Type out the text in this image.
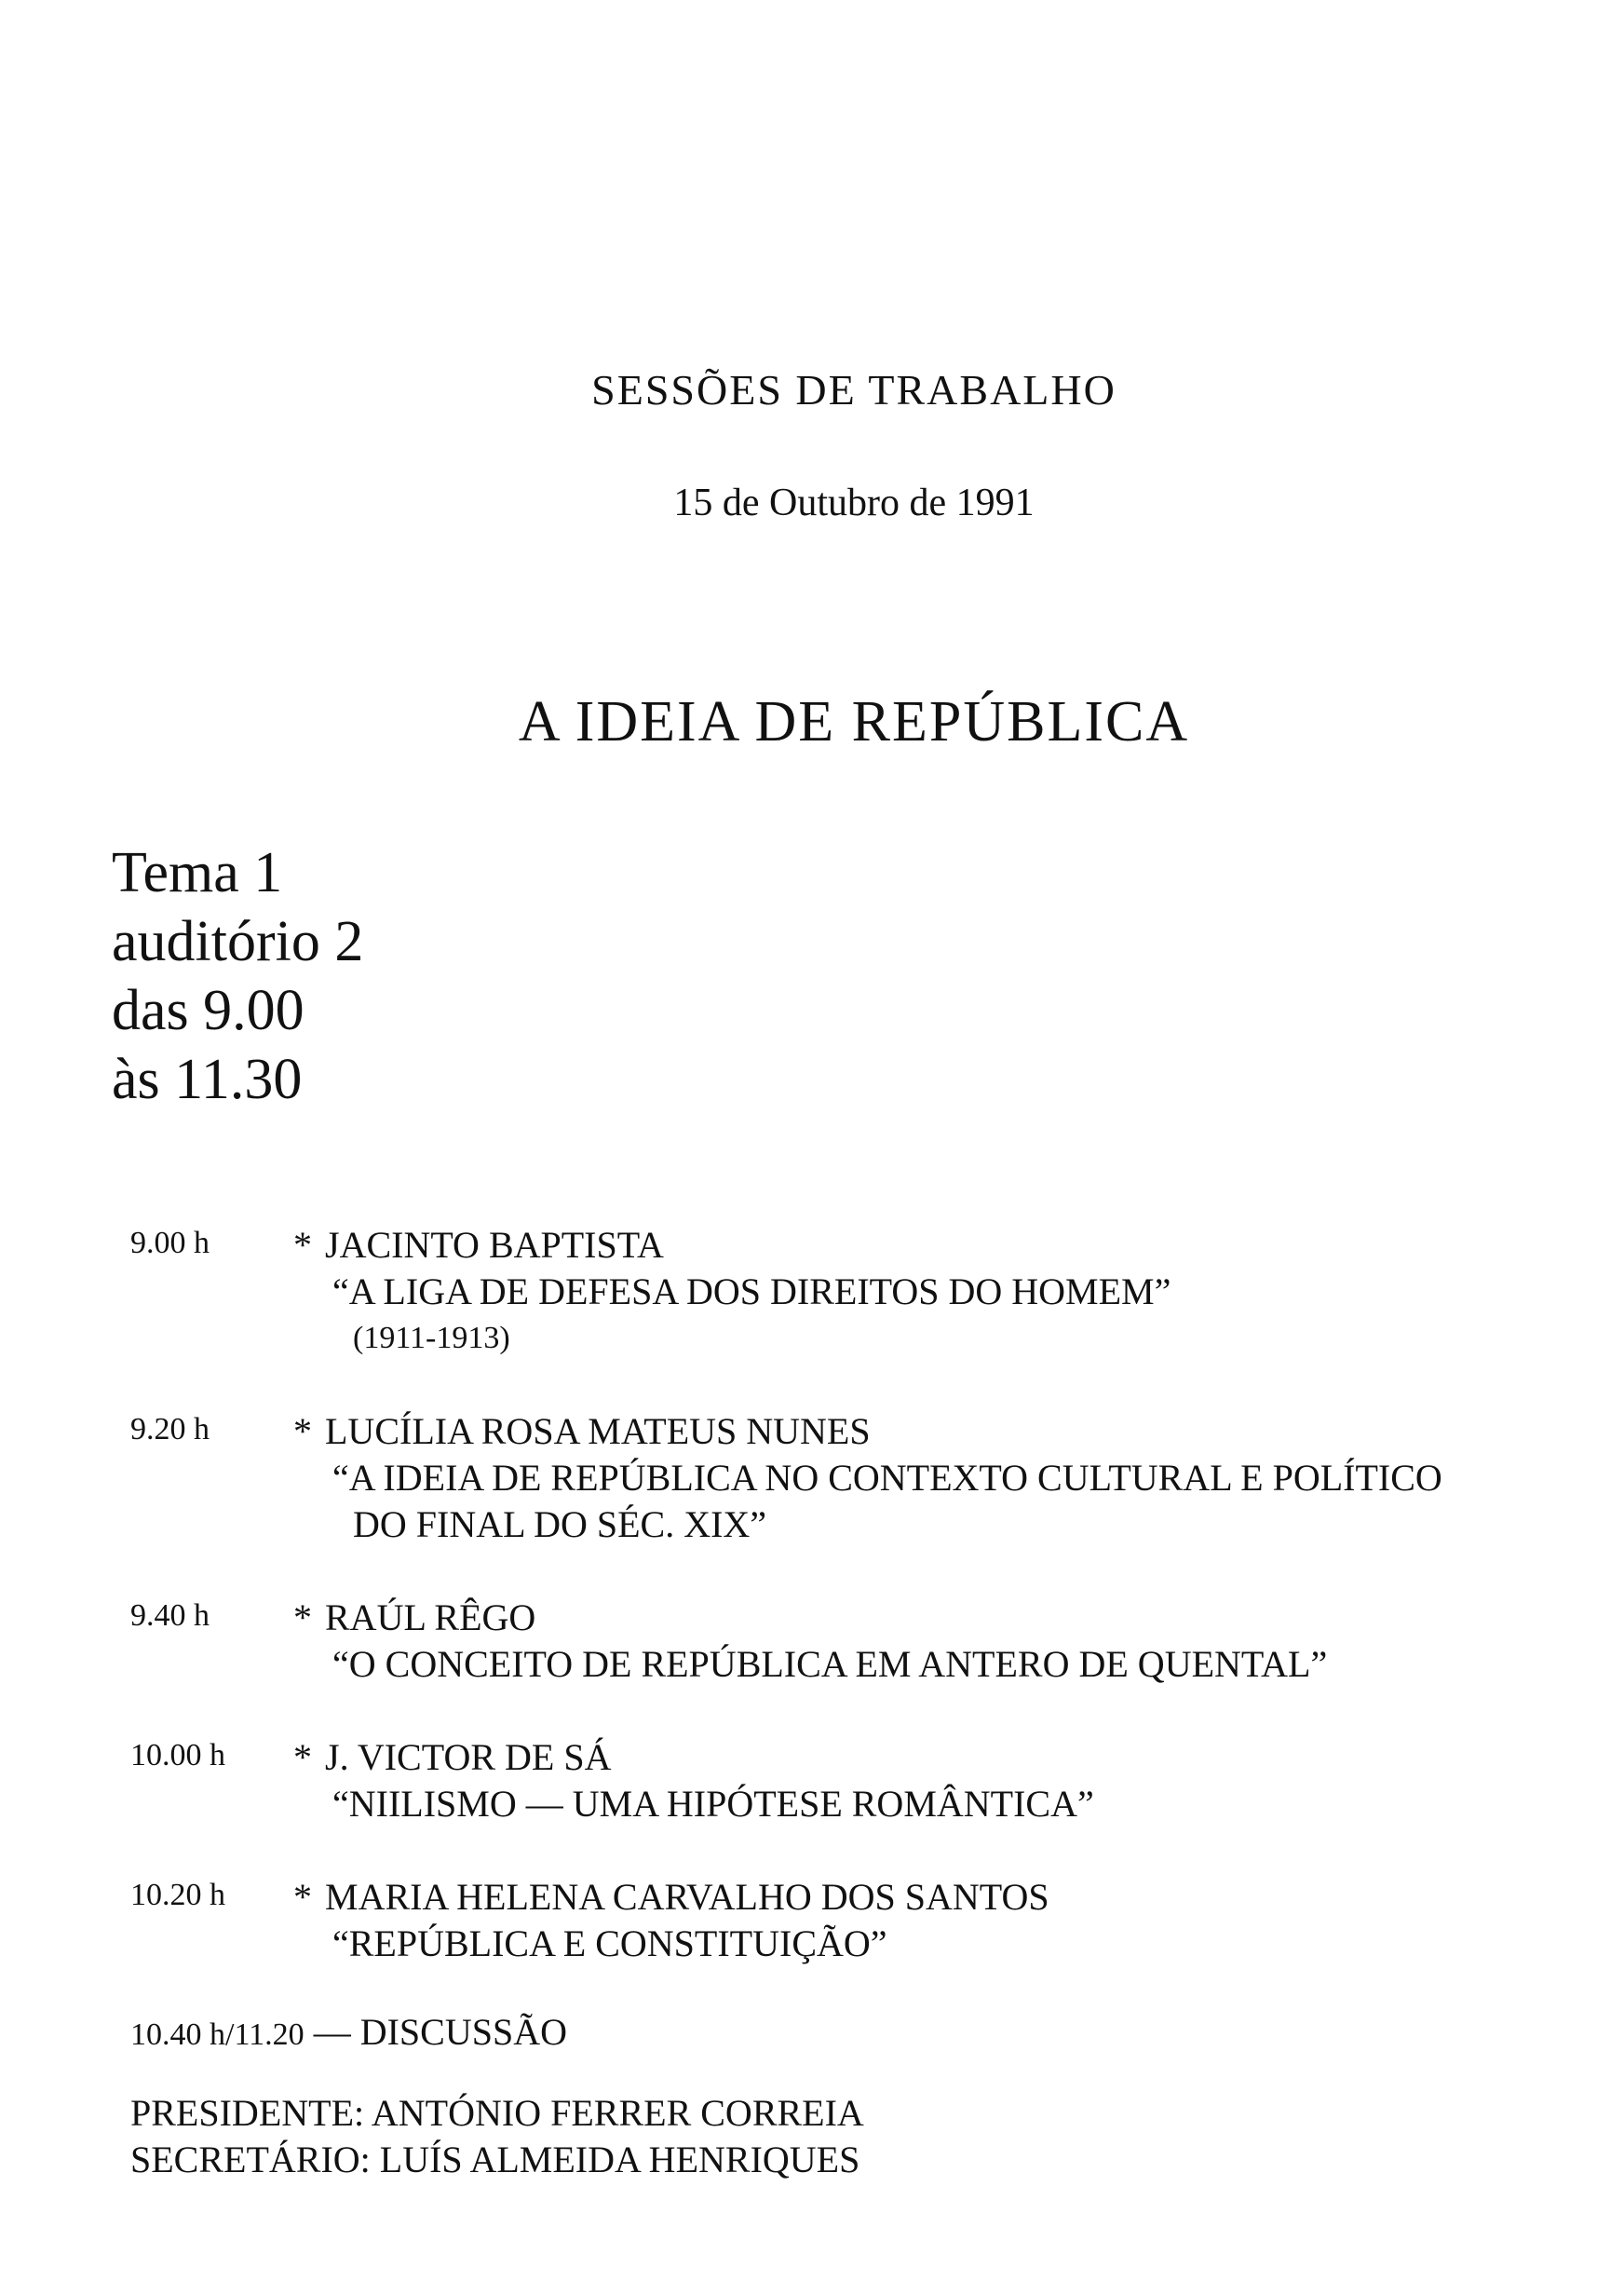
SESSÕES DE TRABALHO
15 de Outubro de 1991
A IDEIA DE REPÚBLICA
Tema 1
auditório 2
das 9.00
às 11.30
9.00 h	* JACINTO BAPTISTA
“A LIGA DE DEFESA DOS DIREITOS DO HOMEM”
(1911-1913)
9.20 h	* LUCÍLIA ROSA MATEUS NUNES
“A IDEIA DE REPÚBLICA NO CONTEXTO CULTURAL E POLÍTICO
DO FINAL DO SÉC. XIX”
9.40 h	* RAÚL RÊGO
“O CONCEITO DE REPÚBLICA EM ANTERO DE QUENTAL”
10.00 h	* J. VICTOR DE SÁ
“NIILISMO — UMA HIPÓTESE ROMÂNTICA”
10.20 h	* MARIA HELENA CARVALHO DOS SANTOS
“REPÚBLICA E CONSTITUIÇÃO”
10.40 h/11.20 — DISCUSSÃO
PRESIDENTE: ANTÓNIO FERRER CORREIA
SECRETÁRIO: LUÍS ALMEIDA HENRIQUES
